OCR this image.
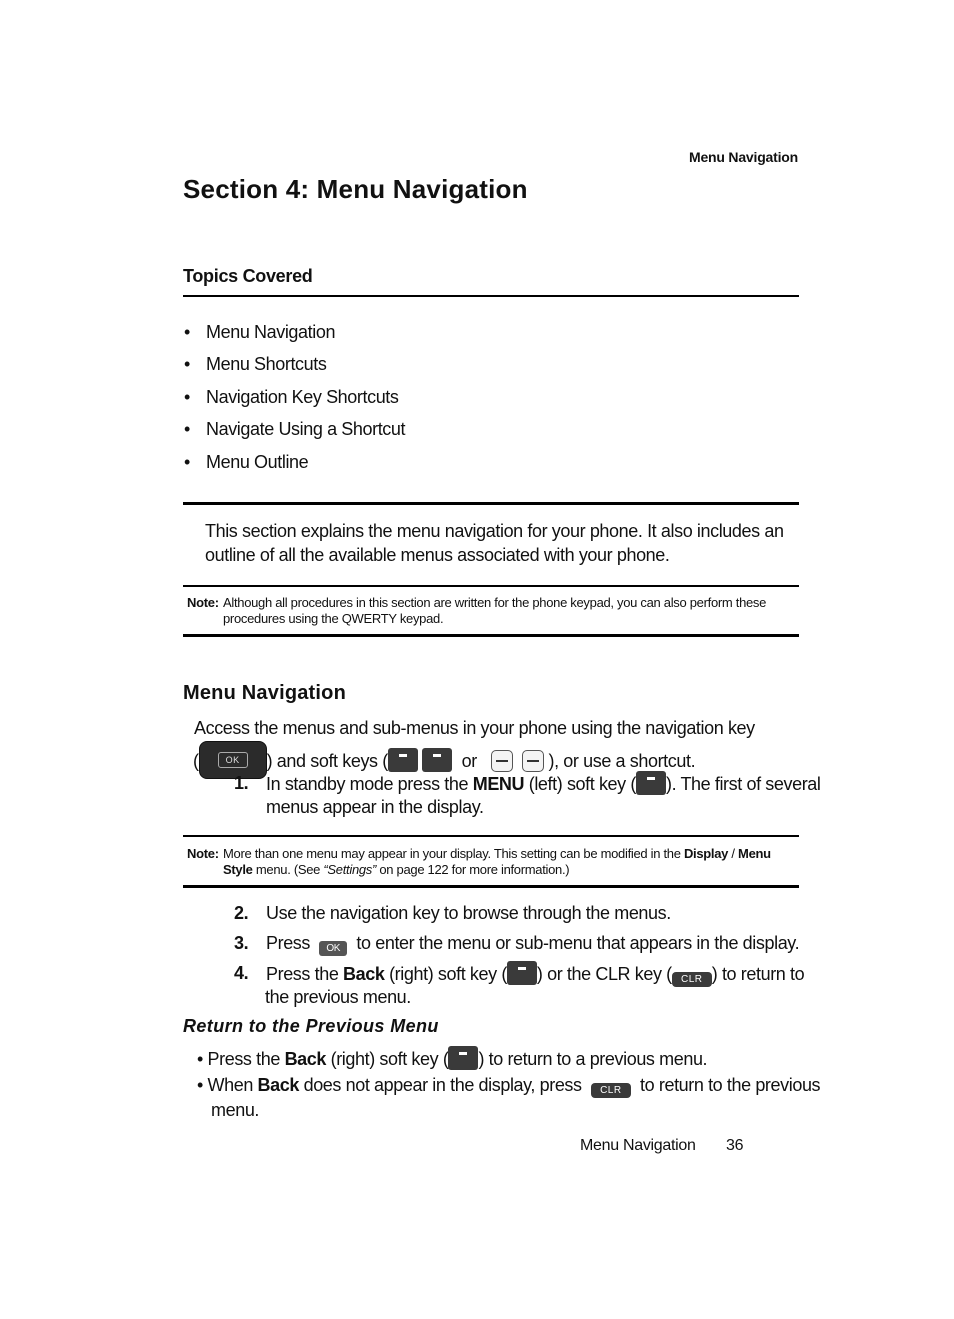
Menu Navigation
Section 4: Menu Navigation
Topics Covered
• Menu Navigation
• Menu Shortcuts
• Navigation Key Shortcuts
• Navigate Using a Shortcut
• Menu Outline

This section explains the menu navigation for your phone. It also includes an outline of all the available menus associated with your phone.

Note: Although all procedures in this section are written for the phone keypad, you can also perform these procedures using the QWERTY keypad.
Menu Navigation
Access the menus and sub-menus in your phone using the navigation key
(	OK	) and soft keys (	or	), or use a shortcut.
1. In standby mode press the MENU (left) soft key ( ). The first of several
menus appear in the display.
Note: More than one menu may appear in your display. This setting can be modified in the Display / Menu Style menu. (See “Settings” on page 122 for more information.)
2. Use the navigation key to browse through the menus.
3. Press OK to enter the menu or sub-menu that appears in the display.
4. Press the Back (right) soft key ( ) or the CLR key ( CLR ) to return to
the previous menu.
Return to the Previous Menu
• Press the Back (right) soft key ( ) to return to a previous menu.
• When Back does not appear in the display, press CLR to return to the previous
menu.
Menu Navigation 36
